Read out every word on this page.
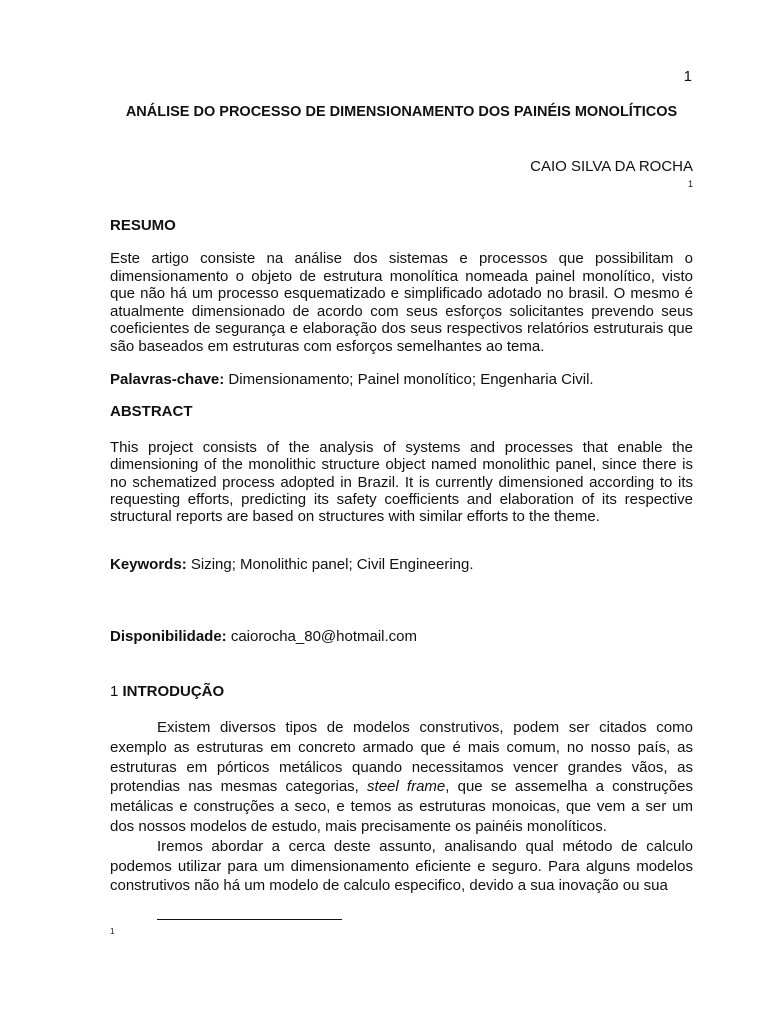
1
ANÁLISE DO PROCESSO DE DIMENSIONAMENTO DOS PAINÉIS MONOLÍTICOS
CAIO SILVA DA ROCHA
1
RESUMO
Este artigo consiste na análise dos sistemas e processos que possibilitam o dimensionamento o objeto de estrutura monolítica nomeada painel monolítico, visto que não há um processo esquematizado e simplificado adotado no brasil. O mesmo é atualmente dimensionado de acordo com seus esforços solicitantes prevendo seus coeficientes de segurança e elaboração dos seus respectivos relatórios estruturais que são baseados em estruturas com esforços semelhantes ao tema.
Palavras-chave: Dimensionamento; Painel monolítico; Engenharia Civil.
ABSTRACT
This project consists of the analysis of systems and processes that enable the dimensioning of the monolithic structure object named monolithic panel, since there is no schematized process adopted in Brazil. It is currently dimensioned according to its requesting efforts, predicting its safety coefficients and elaboration of its respective structural reports are based on structures with similar efforts to the theme.
Keywords: Sizing; Monolithic panel; Civil Engineering.
Disponibilidade: caiorocha_80@hotmail.com
1 INTRODUÇÃO

Existem diversos tipos de modelos construtivos, podem ser citados como exemplo as estruturas em concreto armado que é mais comum, no nosso país, as estruturas em pórticos metálicos quando necessitamos vencer grandes vãos, as protendias nas mesmas categorias, steel frame, que se assemelha a construções metálicas e construções a seco, e temos as estruturas monoicas, que vem a ser um dos nossos modelos de estudo, mais precisamente os painéis monolíticos.

Iremos abordar a cerca deste assunto, analisando qual método de calculo podemos utilizar para um dimensionamento eficiente e seguro. Para alguns modelos construtivos não há um modelo de calculo especifico, devido a sua inovação ou sua

1
